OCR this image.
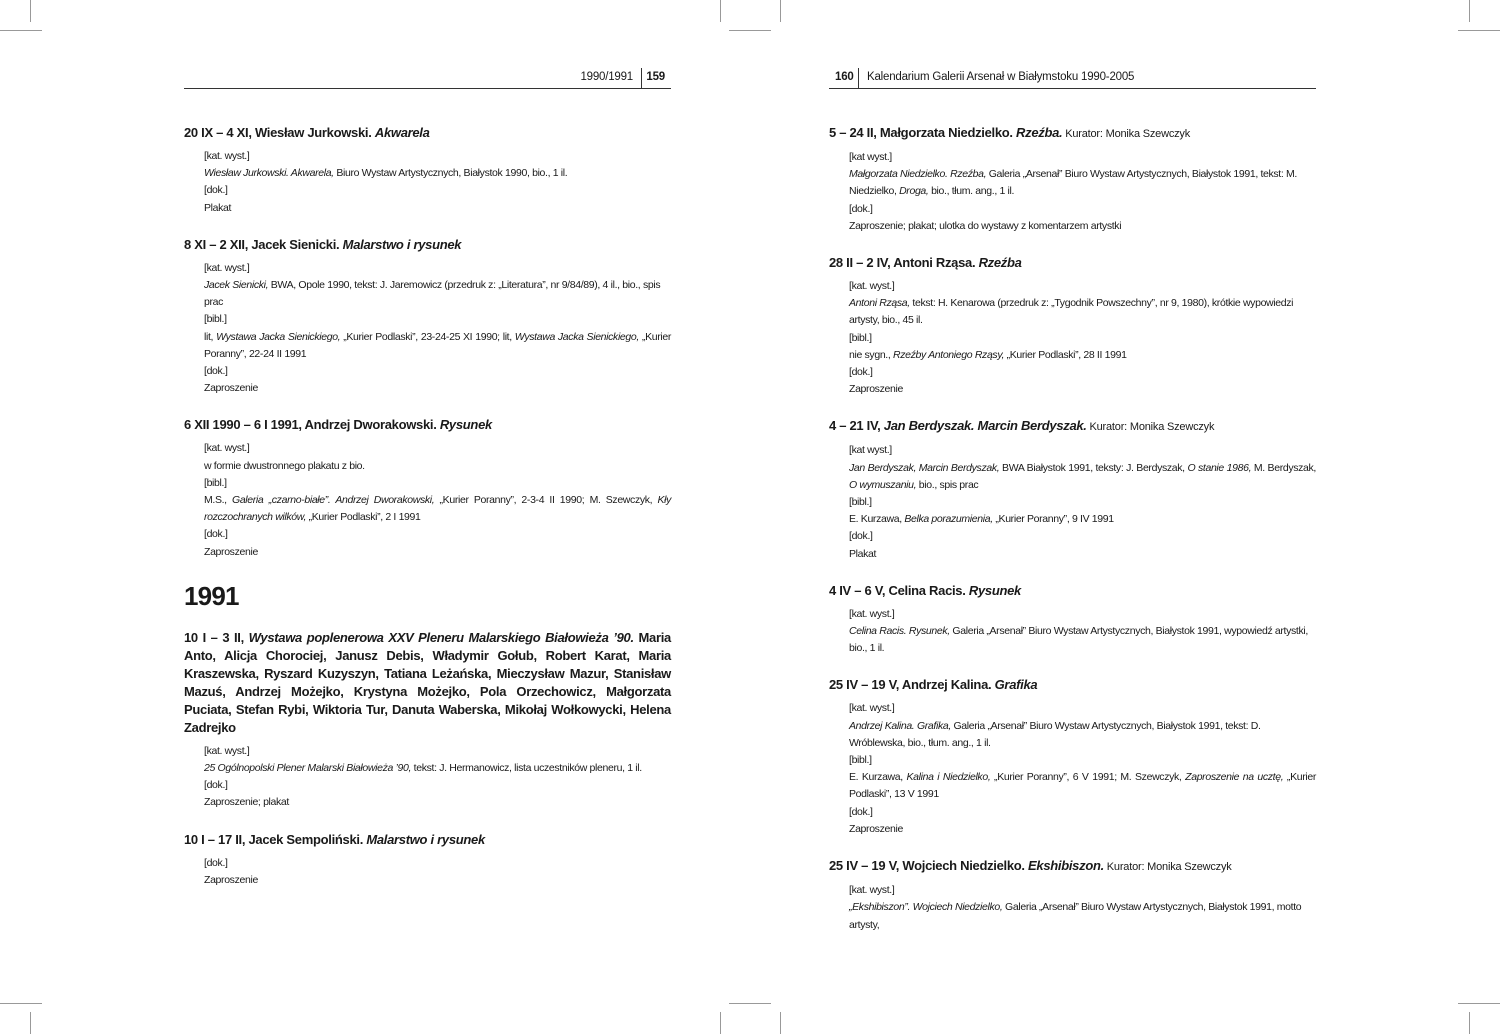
1990/1991 159
20 IX – 4 XI, Wiesław Jurkowski. Akwarela

[kat. wyst.]

Wiesław Jurkowski. Akwarela, Biuro Wystaw Artystycznych, Białystok 1990, bio., 1 il.

[dok.]

Plakat

8 XI – 2 XII, Jacek Sienicki. Malarstwo i rysunek

[kat. wyst.]

Jacek Sienicki, BWA, Opole 1990, tekst: J. Jaremowicz (przedruk z: „Literatura”, nr 9/84/89), 4 il., bio., spis prac

[bibl.]

lit, Wystawa Jacka Sienickiego, „Kurier Podlaski”, 23-24-25 XI 1990; lit, Wystawa Jacka Sienickiego, „Kurier Poranny”, 22-24 II 1991

[dok.]

Zaproszenie

6 XII 1990 – 6 I 1991, Andrzej Dworakowski. Rysunek

[kat. wyst.]

w formie dwustronnego plakatu z bio.

[bibl.]

M.S., Galeria „czarno-białe”. Andrzej Dworakowski, „Kurier Poranny”, 2-3-4 II 1990; M. Szewczyk, Kły rozczochranych wilków, „Kurier Podlaski”, 2 I 1991

[dok.]

Zaproszenie

1991
10 I – 3 II, Wystawa poplenerowa XXV Pleneru Malarskiego Białowieża ’90. Maria Anto, Alicja Chorociej, Janusz Debis, Władymir Gołub, Robert Karat, Maria Kraszewska, Ryszard Kuzyszyn, Tatiana Leżańska, Mieczysław Mazur, Stanisław Mazuś, Andrzej Możejko, Krystyna Możejko, Pola Orzechowicz, Małgorzata Puciata, Stefan Rybi, Wiktoria Tur, Danuta Waberska, Mikołaj Wołkowycki, Helena Zadrejko

[kat. wyst.]

25 Ogólnopolski Plener Malarski Białowieża ’90, tekst: J. Hermanowicz, lista uczestników pleneru, 1 il.

[dok.]

Zaproszenie; plakat

10 I – 17 II, Jacek Sempoliński. Malarstwo i rysunek

[dok.]

Zaproszenie

160 Kalendarium Galerii Arsenał w Białymstoku 1990-2005
5 – 24 II, Małgorzata Niedzielko. Rzeźba. Kurator: Monika Szewczyk

[kat wyst.]

Małgorzata Niedzielko. Rzeźba, Galeria „Arsenał” Biuro Wystaw Artystycznych, Białystok 1991, tekst: M. Niedzielko, Droga, bio., tłum. ang., 1 il.

[dok.]

Zaproszenie; plakat; ulotka do wystawy z komentarzem artystki

28 II – 2 IV, Antoni Rząsa. Rzeźba

[kat. wyst.]

Antoni Rząsa, tekst: H. Kenarowa (przedruk z: „Tygodnik Powszechny”, nr 9, 1980), krótkie wypowiedzi artysty, bio., 45 il.

[bibl.]

nie sygn., Rzeźby Antoniego Rząsy, „Kurier Podlaski”, 28 II 1991

[dok.]

Zaproszenie

4 – 21 IV, Jan Berdyszak. Marcin Berdyszak. Kurator: Monika Szewczyk

[kat wyst.]

Jan Berdyszak, Marcin Berdyszak, BWA Białystok 1991, teksty: J. Berdyszak, O stanie 1986, M. Berdyszak, O wymuszaniu, bio., spis prac

[bibl.]

E. Kurzawa, Belka porazumienia, „Kurier Poranny”, 9 IV 1991

[dok.]

Plakat

4 IV – 6 V, Celina Racis. Rysunek

[kat. wyst.]

Celina Racis. Rysunek, Galeria „Arsenał” Biuro Wystaw Artystycznych, Białystok 1991, wypowiedź artystki, bio., 1 il.

25 IV – 19 V, Andrzej Kalina. Grafika

[kat. wyst.]

Andrzej Kalina. Grafika, Galeria „Arsenał” Biuro Wystaw Artystycznych, Białystok 1991, tekst: D. Wróblewska, bio., tłum. ang., 1 il.

[bibl.]

E. Kurzawa, Kalina i Niedzielko, „Kurier Poranny”, 6 V 1991; M. Szewczyk, Zaproszenie na ucztę, „Kurier Podlaski”, 13 V 1991

[dok.]

Zaproszenie

25 IV – 19 V, Wojciech Niedzielko. Ekshibiszon. Kurator: Monika Szewczyk

[kat. wyst.]

„Ekshibiszon”. Wojciech Niedzielko, Galeria „Arsenał” Biuro Wystaw Artystycznych, Białystok 1991, motto artysty,
